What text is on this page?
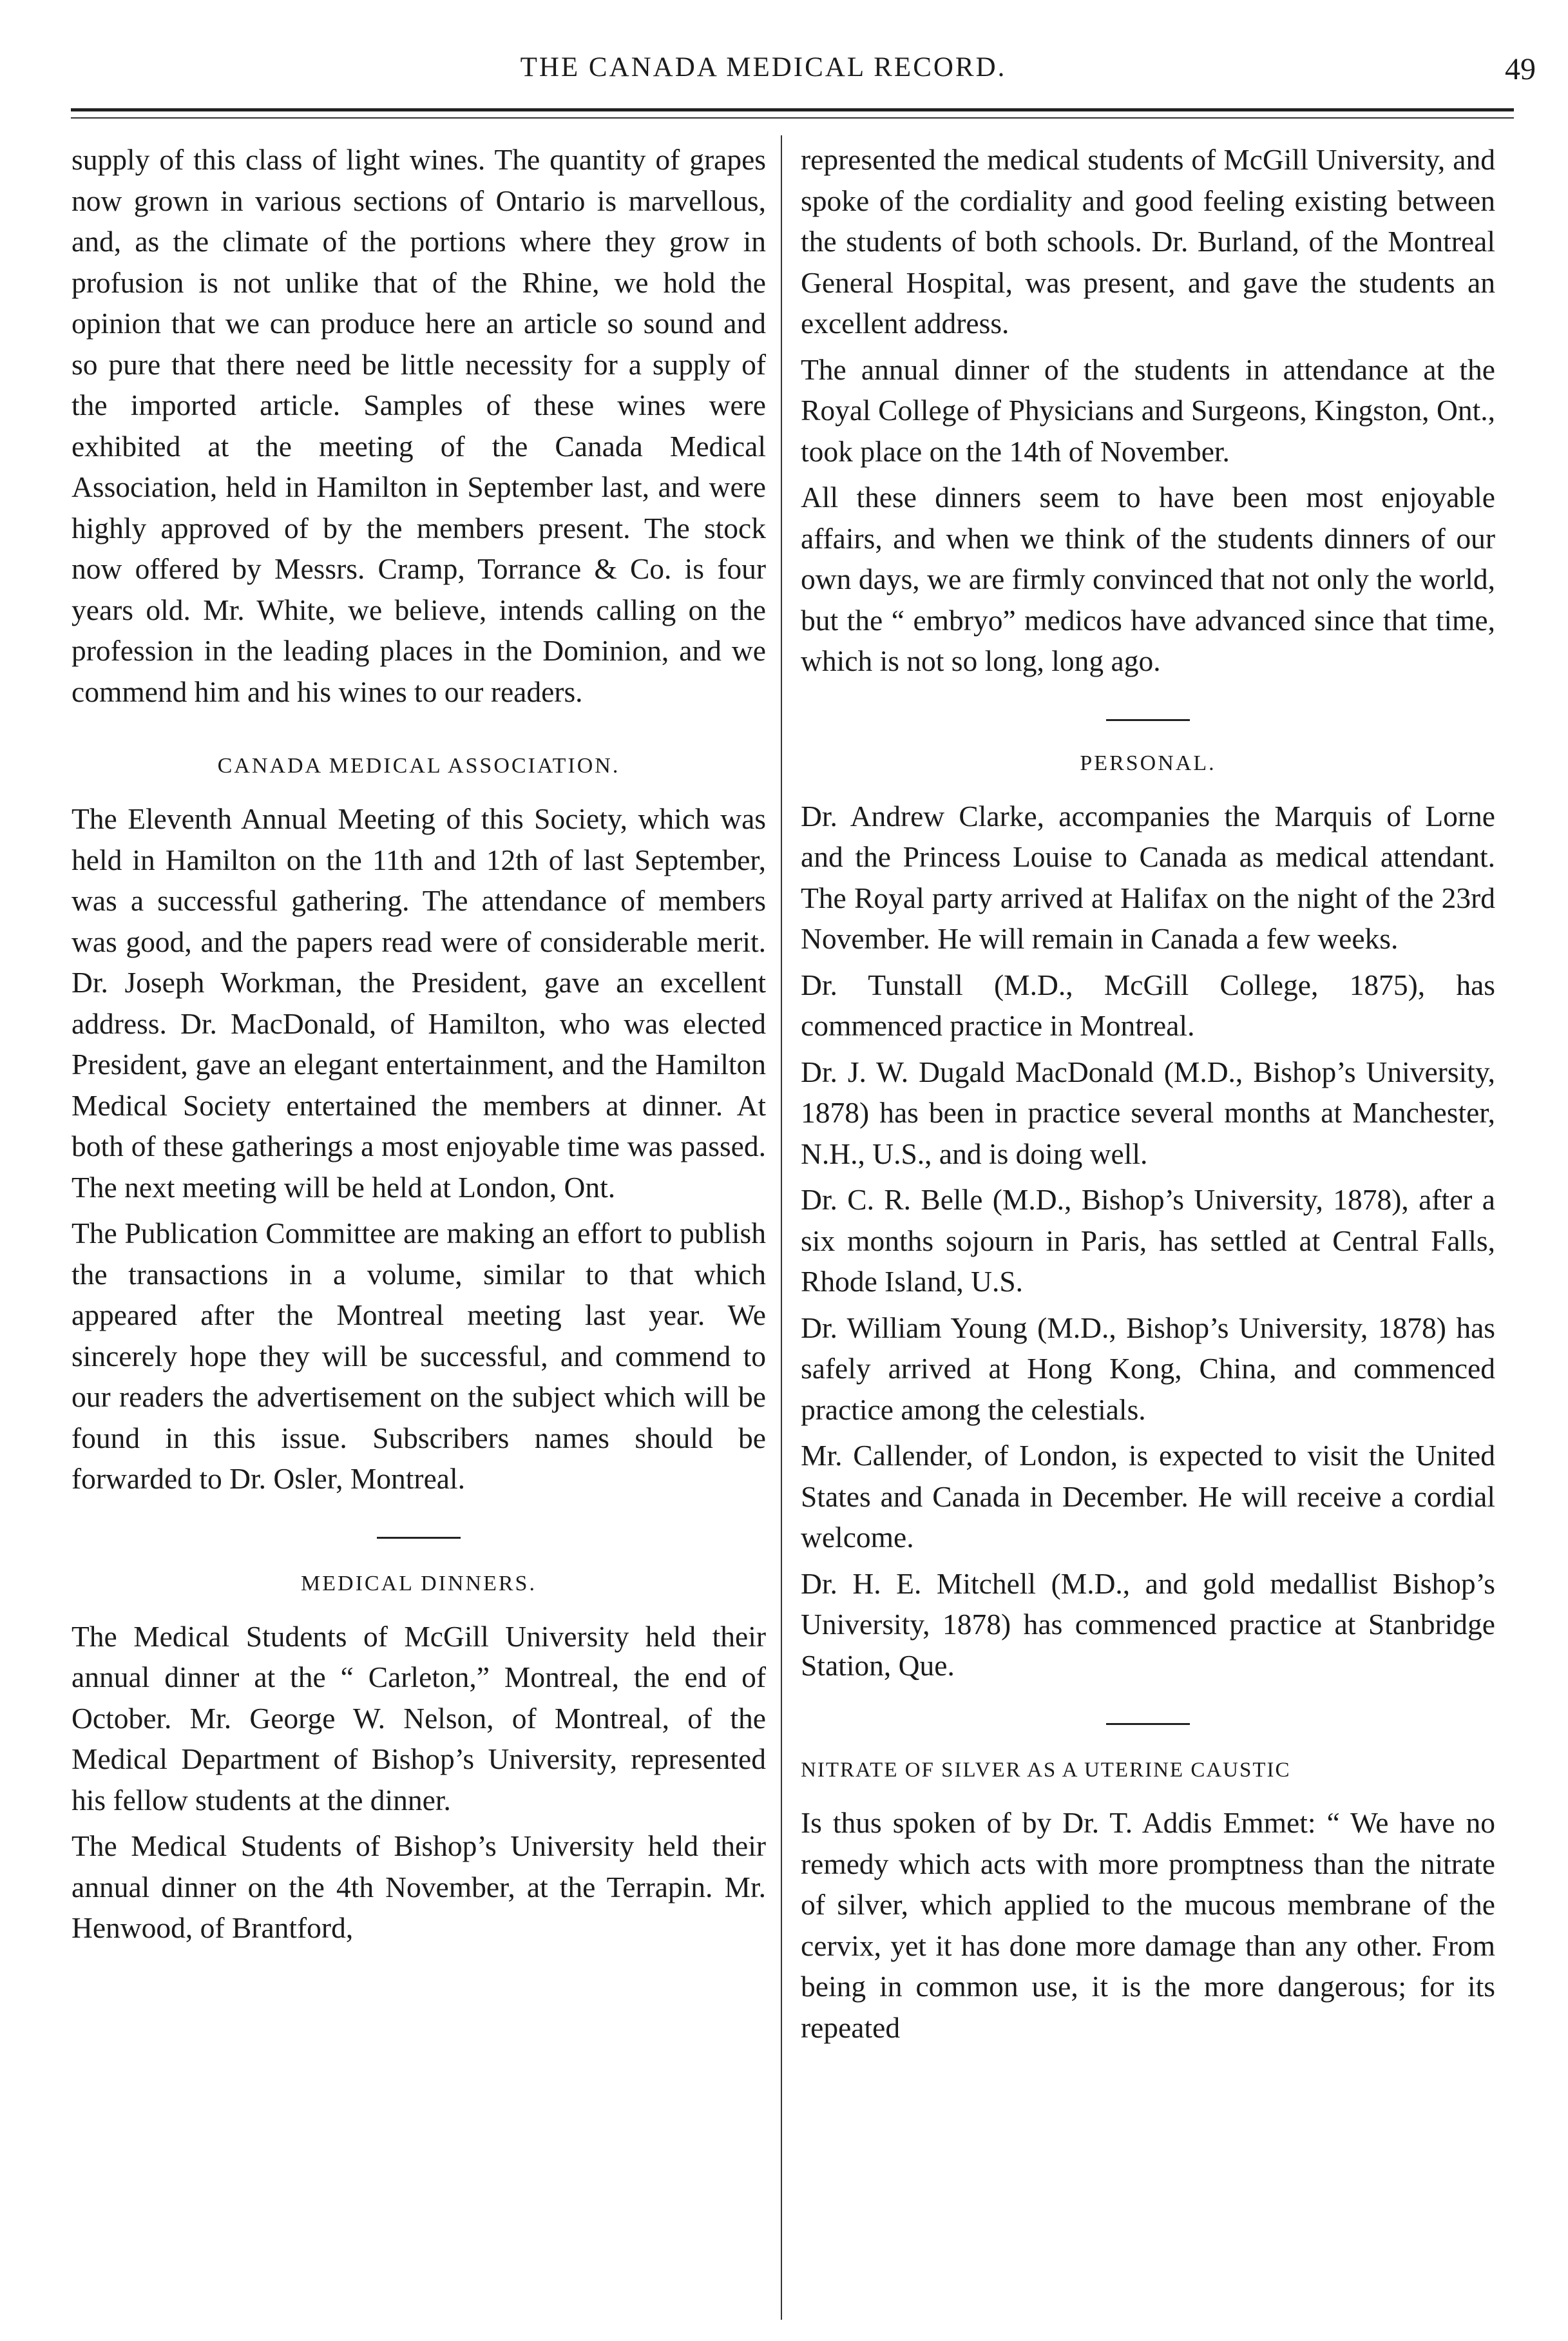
THE CANADA MEDICAL RECORD.	49

supply of this class of light wines. The quantity of grapes now grown in various sections of Ontario is marvellous, and, as the climate of the portions where they grow in profusion is not unlike that of the Rhine, we hold the opinion that we can produce here an article so sound and so pure that there need be little necessity for a supply of the imported article. Samples of these wines were exhibited at the meeting of the Canada Medical Association, held in Hamilton in September last, and were highly approved of by the members present. The stock now offered by Messrs. Cramp, Torrance & Co. is four years old. Mr. White, we believe, intends calling on the profession in the leading places in the Dominion, and we commend him and his wines to our readers.

CANADA MEDICAL ASSOCIATION.

The Eleventh Annual Meeting of this Society, which was held in Hamilton on the 11th and 12th of last September, was a successful gathering. The attendance of members was good, and the papers read were of considerable merit. Dr. Joseph Workman, the President, gave an excellent address. Dr. MacDonald, of Hamilton, who was elected President, gave an elegant entertainment, and the Hamilton Medical Society entertained the members at dinner. At both of these gatherings a most enjoyable time was passed. The next meeting will be held at London, Ont.

The Publication Committee are making an effort to publish the transactions in a volume, similar to that which appeared after the Montreal meeting last year. We sincerely hope they will be successful, and commend to our readers the advertisement on the subject which will be found in this issue. Subscribers names should be forwarded to Dr. Osler, Montreal.

MEDICAL DINNERS.

The Medical Students of McGill University held their annual dinner at the “ Carleton,” Montreal, the end of October. Mr. George W. Nelson, of Montreal, of the Medical Department of Bishop’s University, represented his fellow students at the dinner.

The Medical Students of Bishop’s University held their annual dinner on the 4th November, at the Terrapin. Mr. Henwood, of Brantford,

represented the medical students of McGill University, and spoke of the cordiality and good feeling existing between the students of both schools. Dr. Burland, of the Montreal General Hospital, was present, and gave the students an excellent address.

The annual dinner of the students in attendance at the Royal College of Physicians and Surgeons, Kingston, Ont., took place on the 14th of November.

All these dinners seem to have been most enjoyable affairs, and when we think of the students dinners of our own days, we are firmly convinced that not only the world, but the “ embryo” medicos have advanced since that time, which is not so long, long ago.

PERSONAL.

Dr. Andrew Clarke, accompanies the Marquis of Lorne and the Princess Louise to Canada as medical attendant. The Royal party arrived at Halifax on the night of the 23rd November. He will remain in Canada a few weeks.

Dr. Tunstall (M.D., McGill College, 1875), has commenced practice in Montreal.

Dr. J. W. Dugald MacDonald (M.D., Bishop’s University, 1878) has been in practice several months at Manchester, N.H., U.S., and is doing well.

Dr. C. R. Belle (M.D., Bishop’s University, 1878), after a six months sojourn in Paris, has settled at Central Falls, Rhode Island, U.S.

Dr. William Young (M.D., Bishop’s University, 1878) has safely arrived at Hong Kong, China, and commenced practice among the celestials.

Mr. Callender, of London, is expected to visit the United States and Canada in December. He will receive a cordial welcome.

Dr. H. E. Mitchell (M.D., and gold medallist Bishop’s University, 1878) has commenced practice at Stanbridge Station, Que.

NITRATE OF SILVER AS A UTERINE CAUSTIC

Is thus spoken of by Dr. T. Addis Emmet: “ We have no remedy which acts with more promptness than the nitrate of silver, which applied to the mucous membrane of the cervix, yet it has done more damage than any other. From being in common use, it is the more dangerous; for its repeated
